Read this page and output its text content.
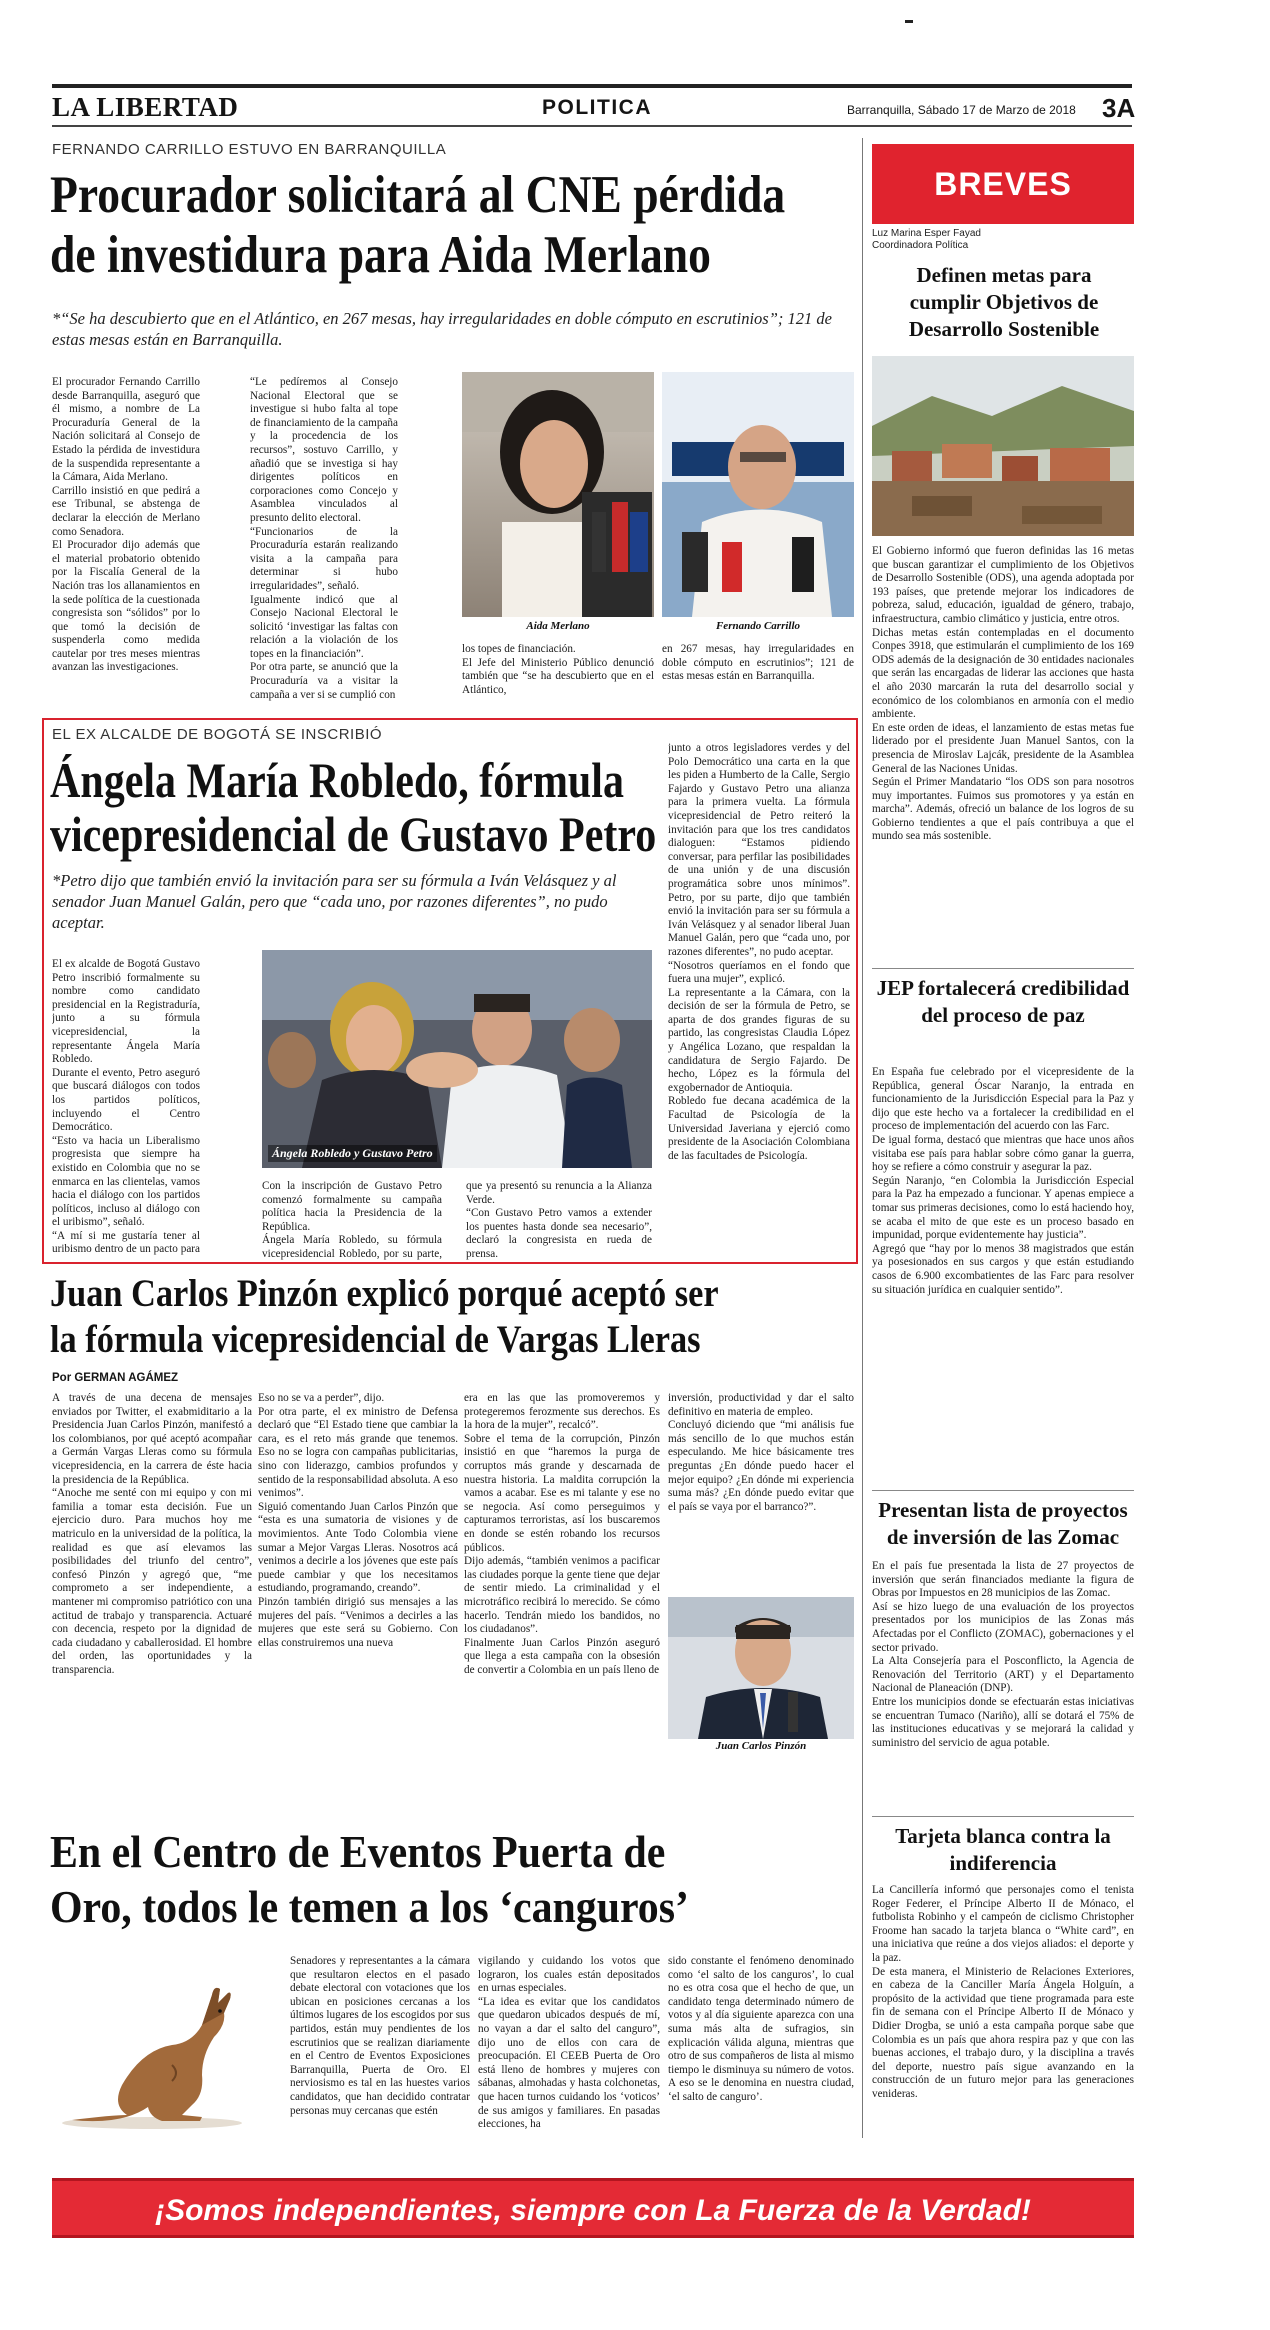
LA LIBERTAD	POLITICA	Barranquilla, Sábado 17 de Marzo de 2018 3A
FERNANDO CARRILLO ESTUVO EN BARRANQUILLA
Procurador solicitará al CNE pérdida
de investidura para Aida Merlano
*“Se ha descubierto que en el Atlántico, en 267 mesas, hay irregularidades en doble cómputo en escrutinios”; 121 de estas mesas están en Barranquilla.
El procurador Fernando Carrillo desde Barranquilla, aseguró que él mismo, a nombre de La Procuraduría General de la Nación solicitará al Consejo de Estado la pérdida de investidura de la suspendida representante a la Cámara, Aida Merlano.
Carrillo insistió en que pedirá a ese Tribunal, se abstenga de declarar la elección de Merlano como Senadora.
El Procurador dijo además que el material probatorio obtenido por la Fiscalía General de la Nación tras los allanamientos en la sede política de la cuestionada congresista son “sólidos” por lo que tomó la decisión de suspenderla como medida cautelar por tres meses mientras avanzan las investigaciones.
“Le pedíremos al Consejo Nacional Electoral que se investigue si hubo falta al tope de financiamiento de la campaña y la procedencia de los recursos”, sostuvo Carrillo, y añadió que se investiga si hay dirigentes políticos en corporaciones como Concejo y Asamblea vinculados al presunto delito electoral.
“Funcionarios de la Procuraduría estarán realizando visita a la campaña para determinar si hubo irregularidades”, señaló.
Igualmente indicó que al Consejo Nacional Electoral le solicitó ‘investigar las faltas con relación a la violación de los topes en la financiación”.
Por otra parte, se anunció que la Procuraduría va a visitar la campaña a ver si se cumplió con
Aida Merlano	Fernando Carrillo
los topes de financiación.
El Jefe del Ministerio Público denunció también que “se ha descubierto que en el Atlántico,
en 267 mesas, hay irregularidades en doble cómputo en escrutinios”; 121 de estas mesas están en Barranquilla.
EL EX ALCALDE DE BOGOTÁ SE INSCRIBIÓ
Ángela María Robledo, fórmula
vicepresidencial de Gustavo Petro
*Petro dijo que también envió la invitación para ser su fórmula a Iván Velásquez y al senador Juan Manuel Galán, pero que “cada uno, por razones diferentes”, no pudo aceptar.
El ex alcalde de Bogotá Gustavo Petro inscribió formalmente su nombre como candidato presidencial en la Registraduría, junto a su fórmula vicepresidencial, la representante Ángela María Robledo.
Durante el evento, Petro aseguró que buscará diálogos con todos los partidos políticos, incluyendo el Centro Democrático.
“Esto va hacia un Liberalismo progresista que siempre ha existido en Colombia que no se enmarca en las clientelas, vamos hacia el diálogo con los partidos políticos, incluso al diálogo con el uribismo”, señaló.
“A mí si me gustaría tener al uribismo dentro de un pacto para
Ángela Robledo y Gustavo Petro
Con la inscripción de Gustavo Petro comenzó formalmente su campaña política hacia la Presidencia de la República.
Ángela María Robledo, su fórmula vicepresidencial Robledo, por su parte,
que ya presentó su renuncia a la Alianza Verde.
“Con Gustavo Petro vamos a extender los puentes hasta donde sea necesario”, declaró la congresista en rueda de prensa.

junto a otros legisladores verdes y del Polo Democrático una carta en la que les piden a Humberto de la Calle, Sergio Fajardo y Gustavo Petro una alianza para la primera vuelta. La fórmula vicepresidencial de Petro reiteró la invitación para que los tres candidatos dialoguen: “Estamos pidiendo conversar, para perfilar las posibilidades de una unión y de una discusión programática sobre unos mínimos”. Petro, por su parte, dijo que también envió la invitación para ser su fórmula a Iván Velásquez y al senador liberal Juan Manuel Galán, pero que “cada uno, por razones diferentes”, no pudo aceptar.
“Nosotros queríamos en el fondo que fuera una mujer”, explicó.
La representante a la Cámara, con la decisión de ser la fórmula de Petro, se aparta de dos grandes figuras de su partido, las congresistas Claudia López y Angélica Lozano, que respaldan la candidatura de Sergio Fajardo. De hecho, López es la fórmula del exgobernador de Antioquia.
Robledo fue decana académica de la Facultad de Psicología de la Universidad Javeriana y ejerció como presidente de la Asociación Colombiana de las facultades de Psicología.
Juan Carlos Pinzón explicó porqué aceptó ser
la fórmula vicepresidencial de Vargas Lleras
Por GERMAN AGÁMEZ
A través de una decena de mensajes enviados por Twitter, el exabmiditario a la Presidencia Juan Carlos Pinzón, manifestó a los colombianos, por qué aceptó acompañar a Germán Vargas Lleras como su fórmula vicepresidencia, en la carrera de éste hacia la presidencia de la República.
“Anoche me senté con mi equipo y con mi familia a tomar esta decisión. Fue un ejercicio duro. Para muchos hoy me matriculo en la universidad de la política, la realidad es que así elevamos las posibilidades del triunfo del centro”, confesó Pinzón y agregó que, “me comprometo a ser independiente, a mantener mi compromiso patriótico con una actitud de trabajo y transparencia. Actuaré con decencia, respeto por la dignidad de cada ciudadano y caballerosidad. El hombre del orden, las oportunidades y la transparencia.
Eso no se va a perder”, dijo.
Por otra parte, el ex ministro de Defensa declaró que “El Estado tiene que cambiar la cara, es el reto más grande que tenemos. Eso no se logra con campañas publicitarias, sino con liderazgo, cambios profundos y sentido de la responsabilidad absoluta. A eso venimos”.
Siguió comentando Juan Carlos Pinzón que “esta es una sumatoria de visiones y de movimientos. Ante Todo Colombia viene sumar a Mejor Vargas Lleras. Nosotros acá venimos a decirle a los jóvenes que este país puede cambiar y que los necesitamos estudiando, programando, creando”.
Pinzón también dirigió sus mensajes a las mujeres del país. “Venimos a decirles a las mujeres que este será su Gobierno. Con ellas construiremos una nueva
era en las que las promoveremos y protegeremos ferozmente sus derechos. Es la hora de la mujer”, recalcó”.
Sobre el tema de la corrupción, Pinzón insistió en que “haremos la purga de corruptos más grande y descarnada de nuestra historia. La maldita corrupción la vamos a acabar. Ese es mi talante y ese no se negocia. Así como perseguimos y capturamos terroristas, así los buscaremos en donde se estén robando los recursos públicos.
Dijo además, “también venimos a pacificar las ciudades porque la gente tiene que dejar de sentir miedo. La criminalidad y el microtráfico recibirá lo merecido. Se cómo hacerlo. Tendrán miedo los bandidos, no los ciudadanos”.
Finalmente Juan Carlos Pinzón aseguró que llega a esta campaña con la obsesión de convertir a Colombia en un país lleno de
inversión, productividad y dar el salto definitivo en materia de empleo.
Concluyó diciendo que “mi análisis fue más sencillo de lo que muchos están especulando. Me hice básicamente tres preguntas ¿En dónde puedo hacer el mejor equipo? ¿En dónde mi experiencia suma más? ¿En dónde puedo evitar que el país se vaya por el barranco?”.
Juan Carlos Pinzón
En el Centro de Eventos Puerta de
Oro, todos le temen a los ‘canguros’
Senadores y representantes a la cámara que resultaron electos en el pasado debate electoral con votaciones que los ubican en posiciones cercanas a los últimos lugares de los escogidos por sus partidos, están muy pendientes de los escrutinios que se realizan diariamente en el Centro de Eventos Exposiciones Barranquilla, Puerta de Oro. El nerviosismo es tal en las huestes varios candidatos, que han decidido contratar personas muy cercanas que estén
vigilando y cuidando los votos que lograron, los cuales están depositados en urnas especiales.
“La idea es evitar que los candidatos que quedaron ubicados después de mí, no vayan a dar el salto del canguro”, dijo uno de ellos con cara de preocupación. El CEEB Puerta de Oro está lleno de hombres y mujeres con sábanas, almohadas y hasta colchonetas, que hacen turnos cuidando los ‘voticos’ de sus amigos y familiares. En pasadas elecciones, ha
sido constante el fenómeno denominado como ‘el salto de los canguros’, lo cual no es otra cosa que el hecho de que, un candidato tenga determinado número de votos y al día siguiente aparezca con una suma más alta de sufragios, sin explicación válida alguna, mientras que otro de sus compañeros de lista al mismo tiempo le disminuya su número de votos. A eso se le denomina en nuestra ciudad, ‘el salto de canguro’.
BREVES
Luz Marina Esper Fayad
Coordinadora Política
Definen metas para cumplir Objetivos de Desarrollo Sostenible
El Gobierno informó que fueron definidas las 16 metas que buscan garantizar el cumplimiento de los Objetivos de Desarrollo Sostenible (ODS), una agenda adoptada por 193 países, que pretende mejorar los indicadores de pobreza, salud, educación, igualdad de género, trabajo, infraestructura, cambio climático y justicia, entre otros.
Dichas metas están contempladas en el documento Conpes 3918, que estimularán el cumplimiento de los 169 ODS además de la designación de 30 entidades nacionales que serán las encargadas de liderar las acciones que hasta el año 2030 marcarán la ruta del desarrollo social y económico de los colombianos en armonía con el medio ambiente.
En este orden de ideas, el lanzamiento de estas metas fue liderado por el presidente Juan Manuel Santos, con la presencia de Miroslav Lajcák, presidente de la Asamblea General de las Naciones Unidas.
Según el Primer Mandatario “los ODS son para nosotros muy importantes. Fuimos sus promotores y ya están en marcha”. Además, ofreció un balance de los logros de su Gobierno tendientes a que el país contribuya a que el mundo sea más sostenible.
JEP fortalecerá credibilidad del proceso de paz
En España fue celebrado por el vicepresidente de la República, general Óscar Naranjo, la entrada en funcionamiento de la Jurisdicción Especial para la Paz y dijo que este hecho va a fortalecer la credibilidad en el proceso de implementación del acuerdo con las Farc.
De igual forma, destacó que mientras que hace unos años visitaba ese país para hablar sobre cómo ganar la guerra, hoy se refiere a cómo construir y asegurar la paz.
Según Naranjo, “en Colombia la Jurisdicción Especial para la Paz ha empezado a funcionar. Y apenas empiece a tomar sus primeras decisiones, como lo está haciendo hoy, se acaba el mito de que este es un proceso basado en impunidad, porque evidentemente hay justicia”.
Agregó que “hay por lo menos 38 magistrados que están ya posesionados en sus cargos y que están estudiando casos de 6.900 excombatientes de las Farc para resolver su situación jurídica en cualquier sentido”.
Presentan lista de proyectos de inversión de las Zomac
En el país fue presentada la lista de 27 proyectos de inversión que serán financiados mediante la figura de Obras por Impuestos en 28 municipios de las Zomac.
Así se hizo luego de una evaluación de los proyectos presentados por los municipios de las Zonas más Afectadas por el Conflicto (ZOMAC), gobernaciones y el sector privado.
La Alta Consejería para el Posconflicto, la Agencia de Renovación del Territorio (ART) y el Departamento Nacional de Planeación (DNP).
Entre los municipios donde se efectuarán estas iniciativas se encuentran Tumaco (Nariño), allí se dotará el 75% de las instituciones educativas y se mejorará la calidad y suministro del servicio de agua potable.
Tarjeta blanca contra la indiferencia
La Cancillería informó que personajes como el tenista Roger Federer, el Príncipe Alberto II de Mónaco, el futbolista Robinho y el campeón de ciclismo Christopher Froome han sacado la tarjeta blanca o “White card”, en una iniciativa que reúne a dos viejos aliados: el deporte y la paz.
De esta manera, el Ministerio de Relaciones Exteriores, en cabeza de la Canciller María Ángela Holguín, a propósito de la actividad que tiene programada para este fin de semana con el Príncipe Alberto II de Mónaco y Didier Drogba, se unió a esta campaña porque sabe que Colombia es un país que ahora respira paz y que con las buenas acciones, el trabajo duro, y la disciplina a través del deporte, nuestro país sigue avanzando en la construcción de un futuro mejor para las generaciones venideras.
¡Somos independientes, siempre con La Fuerza de la Verdad!
